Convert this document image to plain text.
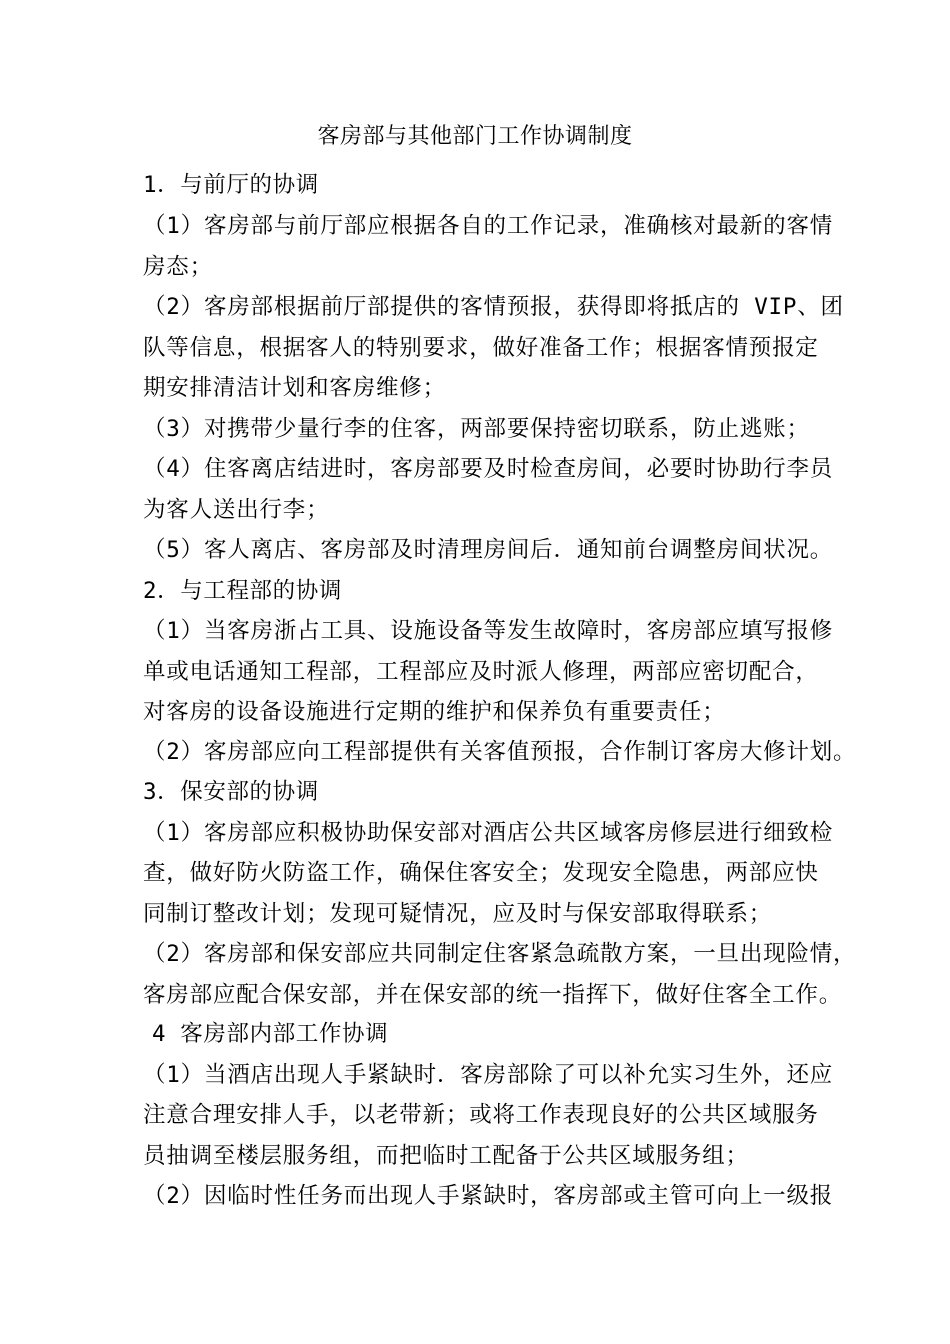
客房部与其他部门工作协调制度
1．与前厅的协调
（1）客房部与前厅部应根据各自的工作记录，准确核对最新的客情
房态；
（2）客房部根据前厅部提供的客情预报，获得即将抵店的 VIP、团
队等信息，根据客人的特别要求，做好准备工作；根据客情预报定
期安排清洁计划和客房维修；
（3）对携带少量行李的住客，两部要保持密切联系，防止逃账；
（4）住客离店结进时，客房部要及时检查房间，必要时协助行李员
为客人送出行李；
（5）客人离店、客房部及时清理房间后．通知前台调整房间状况。
2．与工程部的协调
（1）当客房浙占工具、设施设备等发生故障时，客房部应填写报修
单或电话通知工程部，工程部应及时派人修理，两部应密切配合，
对客房的设备设施进行定期的维护和保养负有重要责任；
（2）客房部应向工程部提供有关客值预报，合作制订客房大修计划。
3．保安部的协调
（1）客房部应积极协助保安部对酒店公共区域客房修层进行细致检
查，做好防火防盗工作，确保住客安全；发现安全隐患，两部应快
同制订整改计划；发现可疑情况，应及时与保安部取得联系；
（2）客房部和保安部应共同制定住客紧急疏散方案，一旦出现险情，
客房部应配合保安部，并在保安部的统一指挥下，做好住客全工作。
4 客房部内部工作协调
（1）当酒店出现人手紧缺时．客房部除了可以补允实习生外，还应
注意合理安排人手，以老带新；或将工作表现良好的公共区域服务
员抽调至楼层服务组，而把临时工配备于公共区域服务组；
（2）因临时性任务而出现人手紧缺时，客房部或主管可向上一级报
